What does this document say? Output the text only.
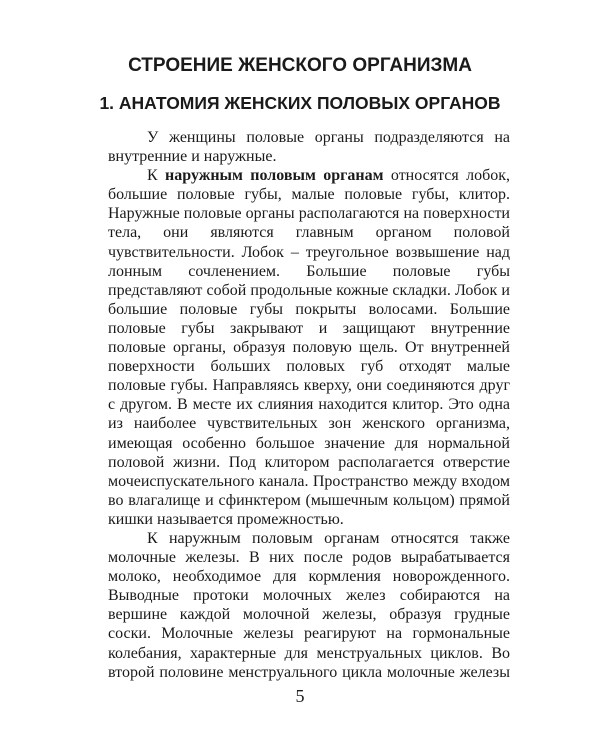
СТРОЕНИЕ ЖЕНСКОГО ОРГАНИЗМА
1. АНАТОМИЯ ЖЕНСКИХ ПОЛОВЫХ ОРГАНОВ

У женщины половые органы подразделяются на внутренние и наружные.

К наружным половым органам относятся лобок, большие половые губы, малые половые губы, клитор. Наружные половые органы располагаются на поверхности тела, они являются главным органом половой чувствительности. Лобок – треугольное возвышение над лонным сочленением. Большие половые губы представляют собой продольные кожные складки. Лобок и большие половые губы покрыты волосами. Большие половые губы закрывают и защищают внутренние половые органы, образуя половую щель. От внутренней поверхности больших половых губ отходят малые половые губы. Направляясь кверху, они соединяются друг с другом. В месте их слияния находится клитор. Это одна из наиболее чувствительных зон женского организма, имеющая особенно большое значение для нормальной половой жизни. Под клитором располагается отверстие мочеиспускательного канала. Пространство между входом во влагалище и сфинктером (мышечным кольцом) прямой кишки называется промежностью.

К наружным половым органам относятся также молочные железы. В них после родов вырабатывается молоко, необходимое для кормления новорожденного. Выводные протоки молочных желез собираются на вершине каждой молочной железы, образуя грудные соски. Молочные железы реагируют на гормональные колебания, характерные для менструальных циклов. Во второй половине менструального цикла молочные железы

5
